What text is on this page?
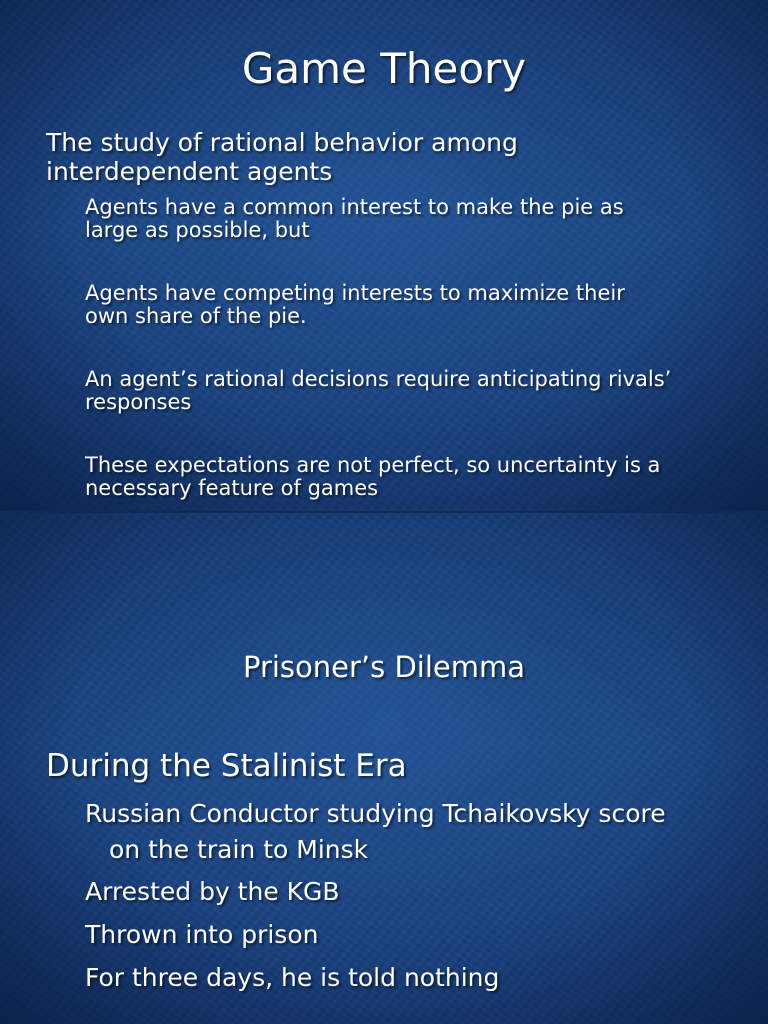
Game Theory
The study of rational behavior among
interdependent agents
Agents have a common interest to make the pie as
large as possible, but
Agents have competing interests to maximize their
own share of the pie.
An agent’s rational decisions require anticipating rivals’
responses
These expectations are not perfect, so uncertainty is a
necessary feature of games
Prisoner’s Dilemma
During the Stalinist Era
Russian Conductor studying Tchaikovsky score
on the train to Minsk
Arrested by the KGB
Thrown into prison
For three days, he is told nothing
